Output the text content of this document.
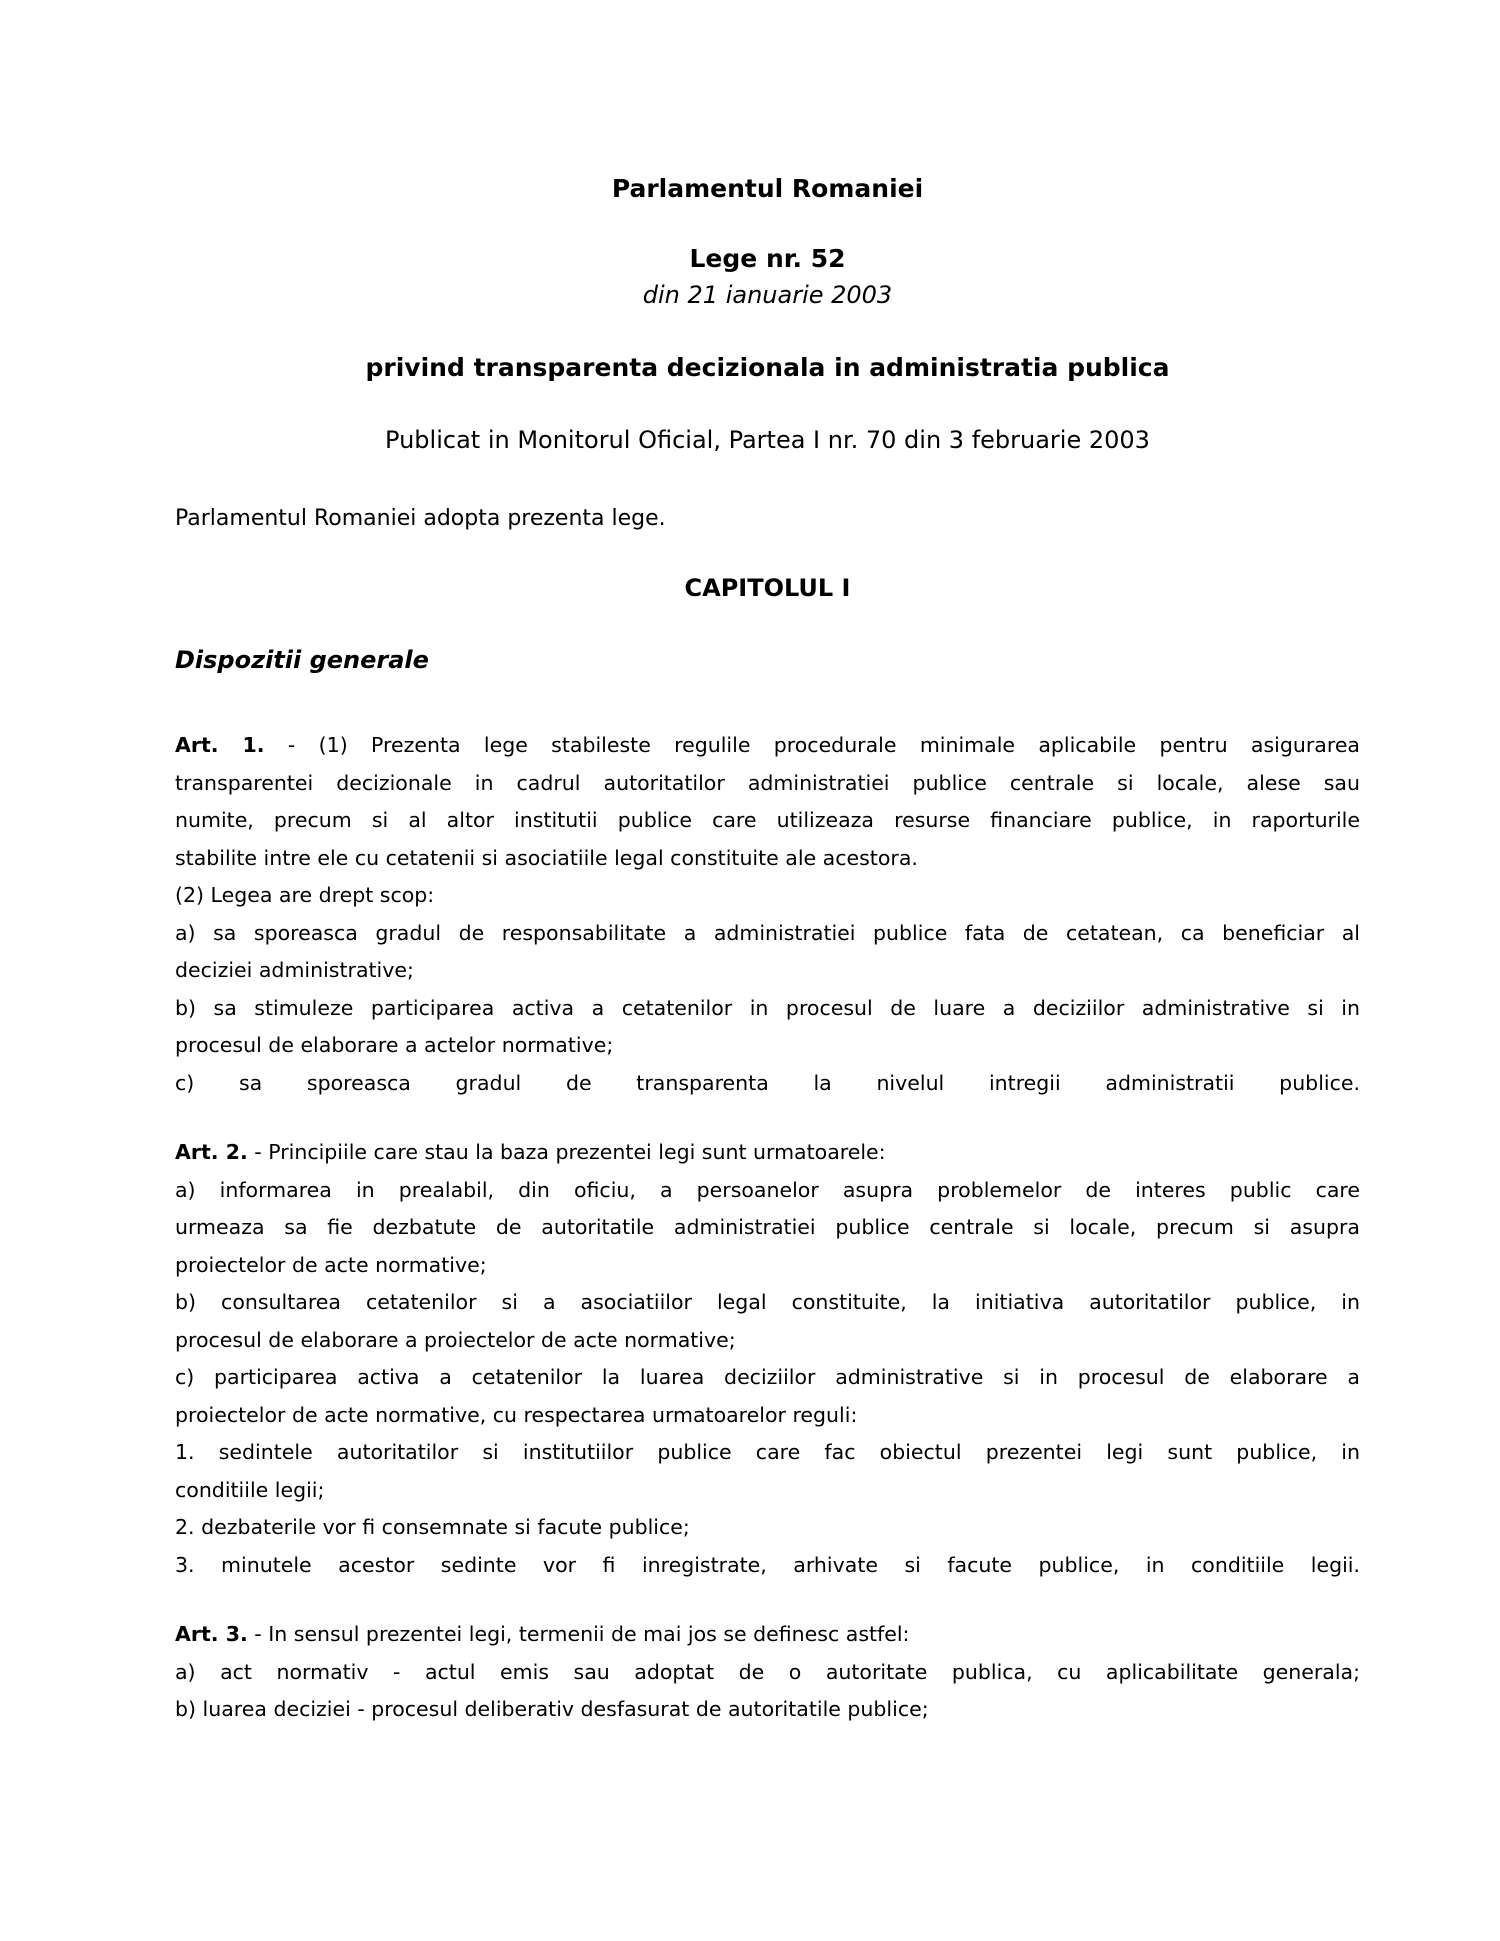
Parlamentul Romaniei
Lege nr. 52
din 21 ianuarie 2003
privind transparenta decizionala in administratia publica
Publicat in Monitorul Oficial, Partea I nr. 70 din 3 februarie 2003
Parlamentul Romaniei adopta prezenta lege.
CAPITOLUL I
Dispozitii generale
Art. 1. - (1) Prezenta lege stabileste regulile procedurale minimale aplicabile pentru asigurarea
transparentei decizionale in cadrul autoritatilor administratiei publice centrale si locale, alese sau
numite, precum si al altor institutii publice care utilizeaza resurse financiare publice, in raporturile
stabilite intre ele cu cetatenii si asociatiile legal constituite ale acestora.
(2) Legea are drept scop:
a) sa sporeasca gradul de responsabilitate a administratiei publice fata de cetatean, ca beneficiar al
deciziei administrative;
b) sa stimuleze participarea activa a cetatenilor in procesul de luare a deciziilor administrative si in
procesul de elaborare a actelor normative;
c) sa sporeasca gradul de transparenta la nivelul intregii administratii publice.
Art. 2. - Principiile care stau la baza prezentei legi sunt urmatoarele:
a) informarea in prealabil, din oficiu, a persoanelor asupra problemelor de interes public care
urmeaza sa fie dezbatute de autoritatile administratiei publice centrale si locale, precum si asupra
proiectelor de acte normative;
b) consultarea cetatenilor si a asociatiilor legal constituite, la initiativa autoritatilor publice, in
procesul de elaborare a proiectelor de acte normative;
c) participarea activa a cetatenilor la luarea deciziilor administrative si in procesul de elaborare a
proiectelor de acte normative, cu respectarea urmatoarelor reguli:
1. sedintele autoritatilor si institutiilor publice care fac obiectul prezentei legi sunt publice, in
conditiile legii;
2. dezbaterile vor fi consemnate si facute publice;
3. minutele acestor sedinte vor fi inregistrate, arhivate si facute publice, in conditiile legii.
Art. 3. - In sensul prezentei legi, termenii de mai jos se definesc astfel:
a) act normativ - actul emis sau adoptat de o autoritate publica, cu aplicabilitate generala;
b) luarea deciziei - procesul deliberativ desfasurat de autoritatile publice;
